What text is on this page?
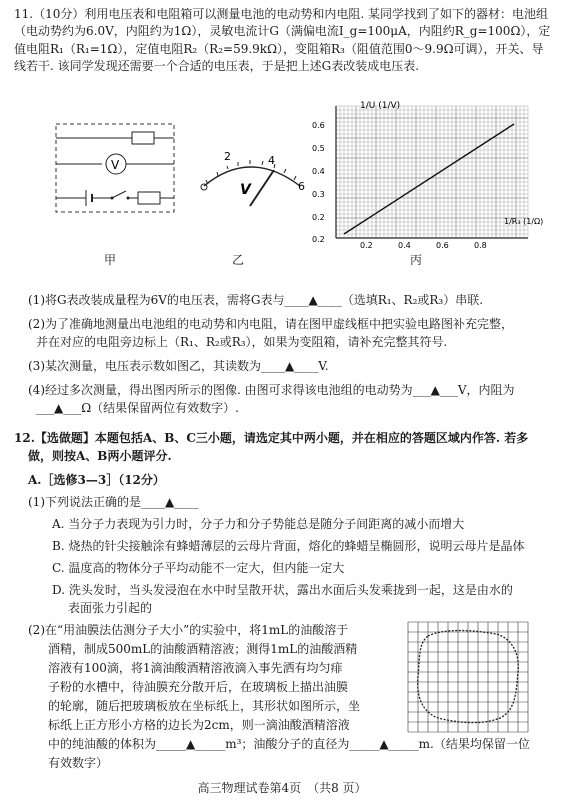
11.（10分）利用电压表和电阻箱可以测量电池的电动势和内电阻. 某同学找到了如下的器材：电池组（电动势约为6.0V，内阻约为1Ω），灵敏电流计G（满偏电流I_g=100μA，内阻约R_g=100Ω），定值电阻R₁（R₁=1Ω），定值电阻R₂（R₂=59.9kΩ），变阻箱R₃（阻值范围0～9.9Ω可调），开关、导线若干. 该同学发现还需要一个合适的电压表，于是把上述G表改装成电压表.
V
2	4
6
V
1/U (1/V)
1/R₃ (1/Ω)
0.6
0.5
0.4
0.3
0.2
0.2
0.2	0.4	0.6	0.8
甲	乙	丙
(1)将G表改装成量程为6V的电压表，需将G表与____▲____（选填R₁、R₂或R₃）串联.
(2)为了准确地测量出电池组的电动势和内电阻，请在图甲虚线框中把实验电路图补充完整，
并在对应的电阻旁边标上（R₁、R₂或R₃），如果为变阻箱，请补充完整其符号.
(3)某次测量，电压表示数如图乙，其读数为____▲____V.
(4)经过多次测量，得出图丙所示的图像. 由图可求得该电池组的电动势为___▲___V，内阻为
___▲___Ω（结果保留两位有效数字）.
12.【选做题】本题包括A、B、C三小题，请选定其中两小题，并在相应的答题区域内作答. 若多
做，则按A、B两小题评分.
A.［选修3—3］（12分）
(1)下列说法正确的是____▲____
A. 当分子力表现为引力时，分子力和分子势能总是随分子间距离的减小而增大
B. 烧热的针尖接触涂有蜂蜡薄层的云母片背面，熔化的蜂蜡呈椭圆形，说明云母片是晶体
C. 温度高的物体分子平均动能不一定大，但内能一定大
D. 洗头发时，当头发浸泡在水中时呈散开状，露出水面后头发乘拢到一起，这是由水的
表面张力引起的
(2)在“用油膜法估测分子大小”的实验中，将1mL的油酸溶于
酒精，制成500mL的油酸酒精溶液；测得1mL的油酸酒精
溶液有100滴，将1滴油酸酒精溶液滴入事先洒有均匀痱
子粉的水槽中，待油膜充分散开后，在玻璃板上描出油膜
的轮廓，随后把玻璃板放在坐标纸上，其形状如图所示，坐
标纸上正方形小方格的边长为2cm，则一滴油酸酒精溶液
中的纯油酸的体积为_____▲_____m³；油酸分子的直径为_____▲_____m.（结果均保留一位
有效数字）
高三物理试卷第4页　（共8 页）
